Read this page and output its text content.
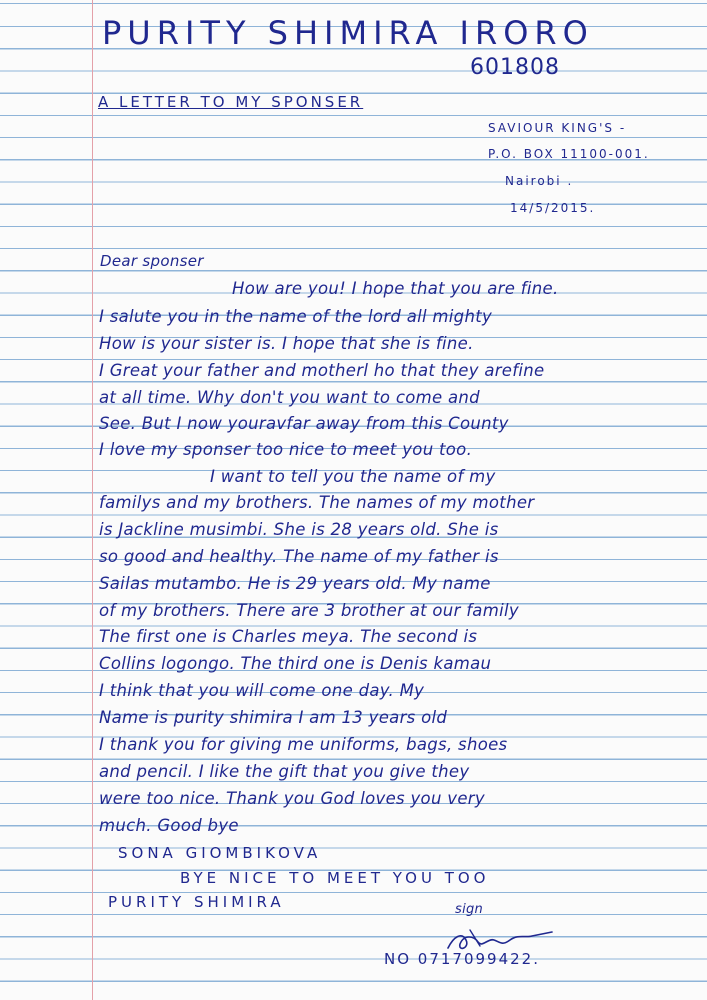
PURITY SHIMIRA IRORO
601808
A LETTER TO MY SPONSER
SAVIOUR KING'S -
P.O. BOX 11100-001.
Nairobi .
14/5/2015.
Dear sponser
How are you! I hope that you are fine.
I salute you in the name of the lord all mighty
How is your sister is. I hope that she is fine.
I Great your father and motherl ho that they arefine
at all time. Why don't you want to come and
See. But I now youravfar away from this County
I love my sponser too nice to meet you too.
I want to tell you the name of my
familys and my brothers. The names of my mother
is Jackline musimbi. She is 28 years old. She is
so good and healthy. The name of my father is
Sailas mutambo. He is 29 years old. My name
of my brothers. There are 3 brother at our family
The first one is Charles meya. The second is
Collins logongo. The third one is Denis kamau
I think that you will come one day. My
Name is purity shimira I am 13 years old
I thank you for giving me uniforms, bags, shoes
and pencil. I like the gift that you give they
were too nice. Thank you God loves you very
much. Good bye
SONA GIOMBIKOVA
BYE NICE TO MEET YOU TOO
PURITY SHIMIRA	sign
NO 0717099422.
